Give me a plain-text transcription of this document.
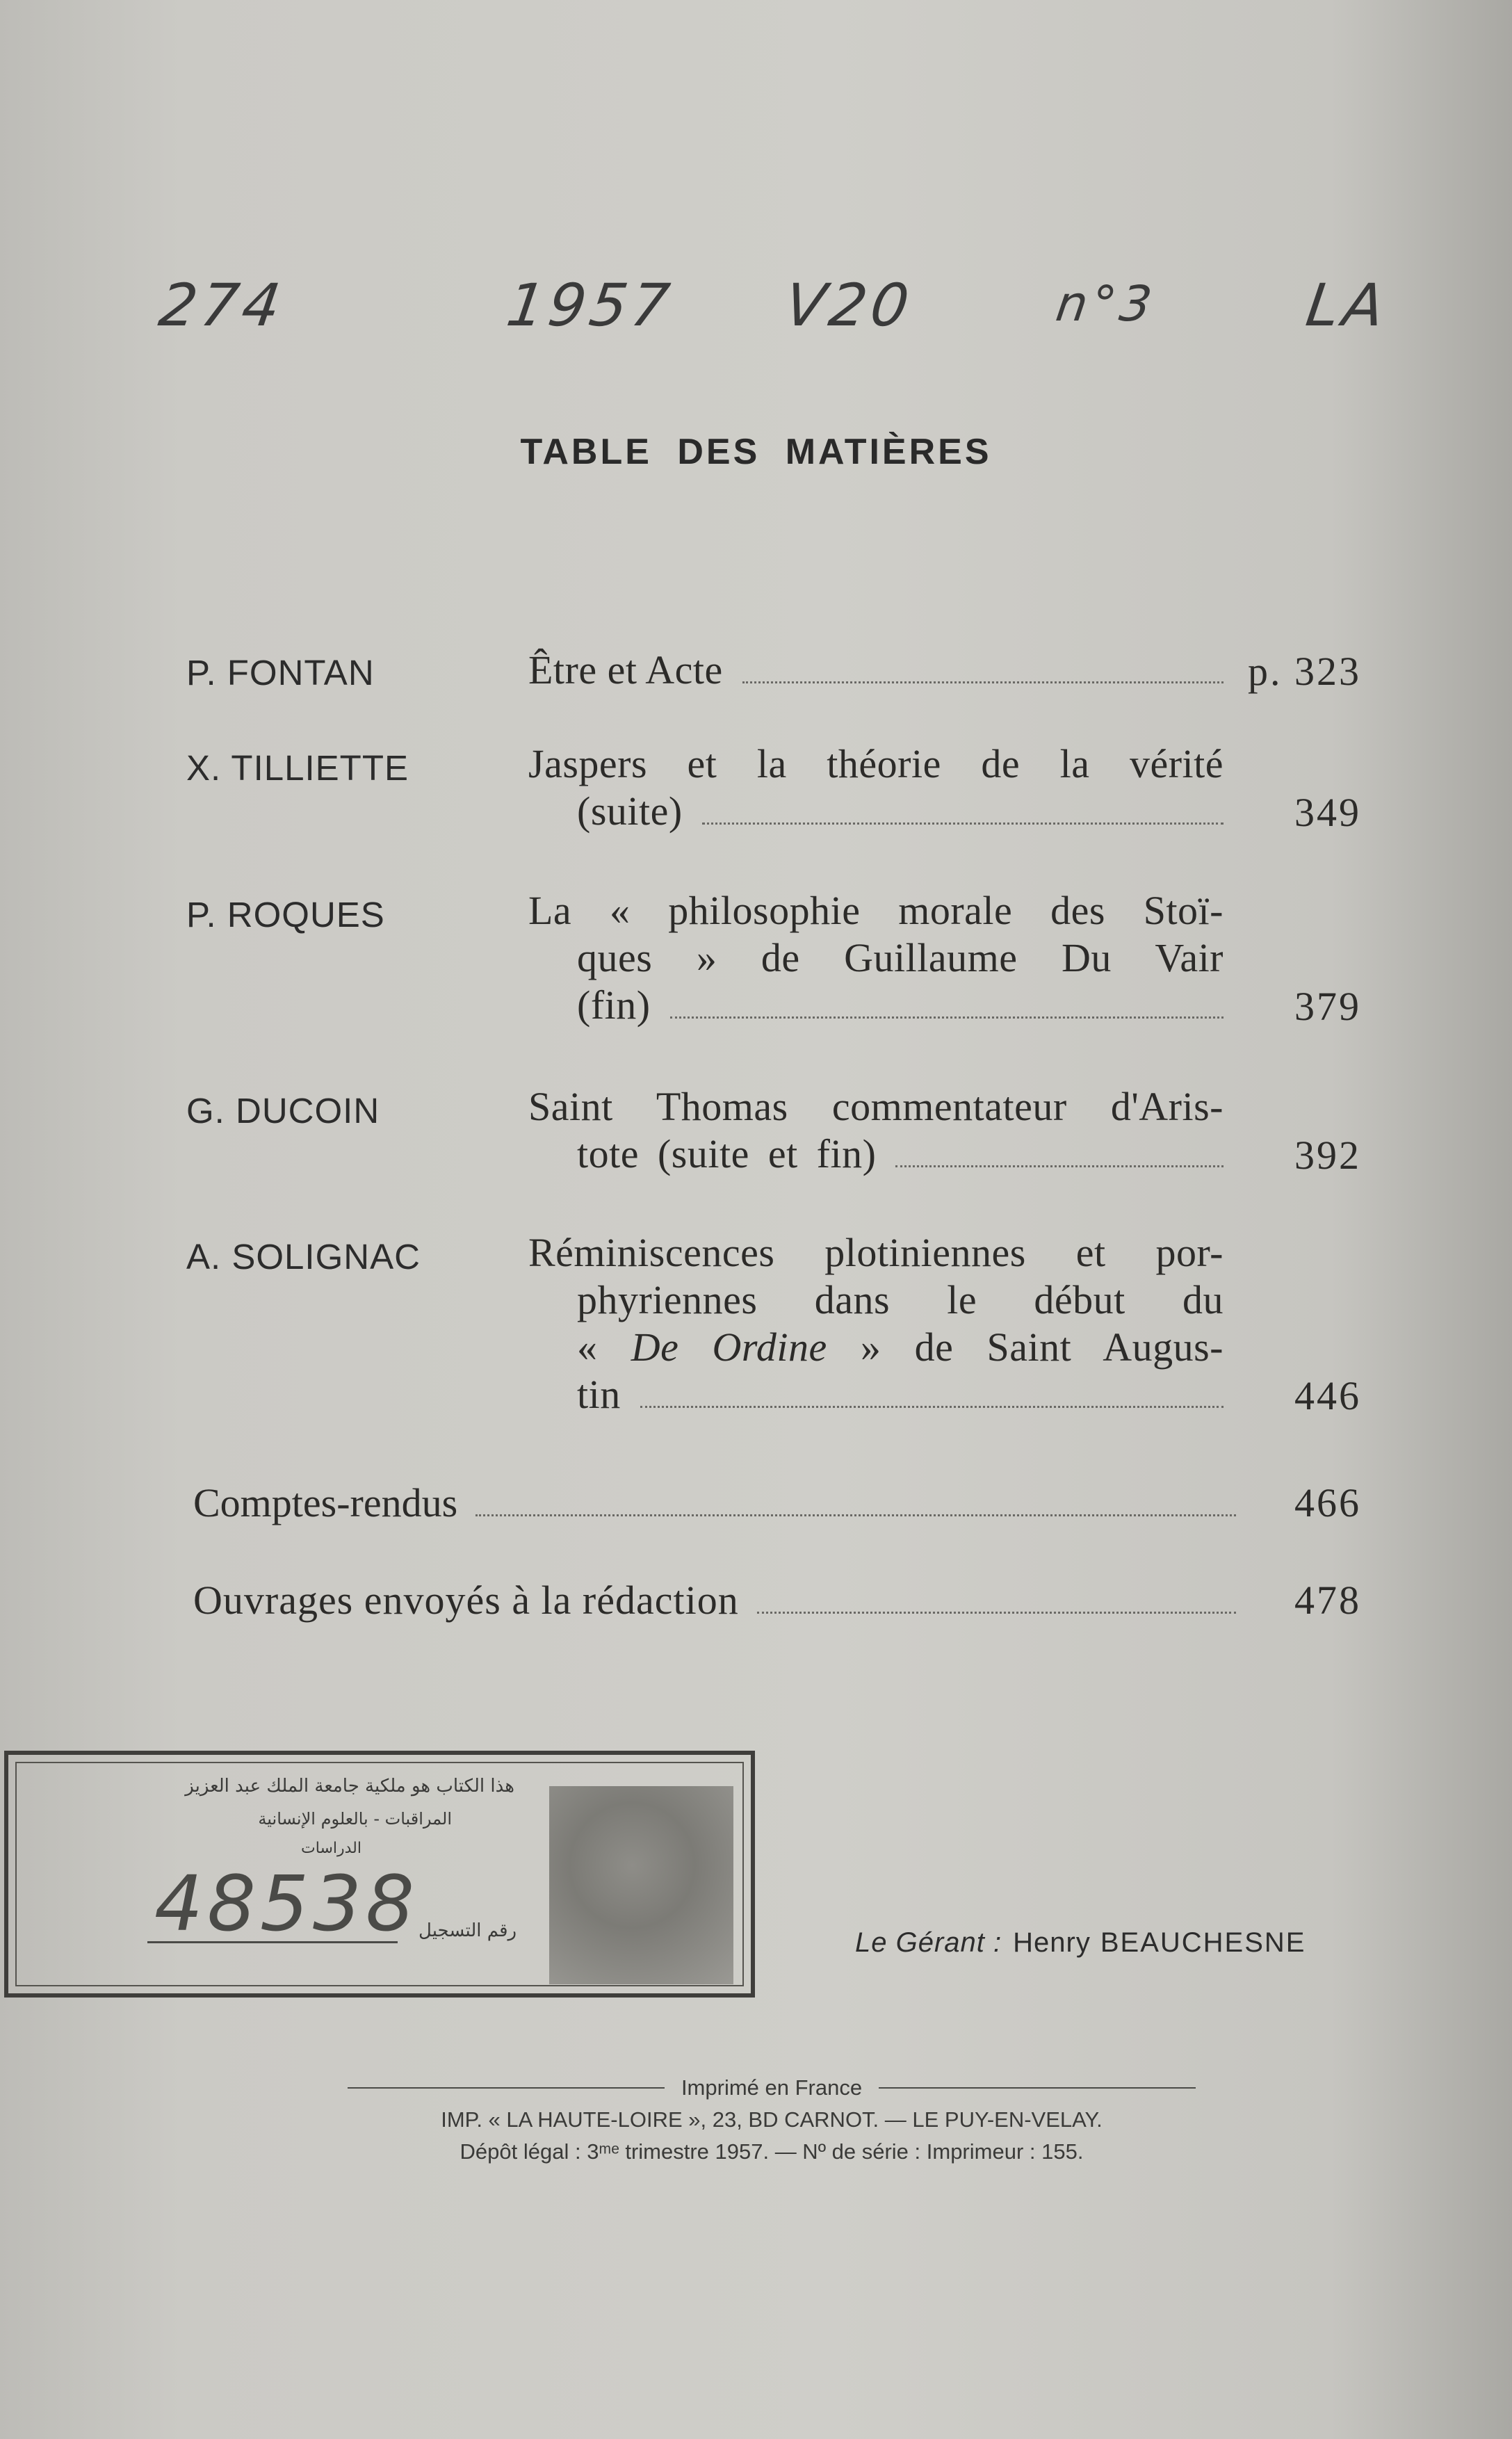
274	1957 V20	n°3 LA
TABLE DES MATIÈRES
P. FONTAN	Être et Acte	p. 323
X. TILLIETTE	Jaspers et la théorie de la vérité
(suite)	349
P. ROQUES	La « philosophie morale des Stoï-
ques » de Guillaume Du Vair
(fin)	379
G. DUCOIN	Saint Thomas commentateur d'Aris-
tote (suite et fin)	392
A. SOLIGNAC	Réminiscences plotiniennes et por-
phyriennes dans le début du
« De Ordine » de Saint Augus-
tin	446
Comptes-rendus	466
Ouvrages envoyés à la rédaction	478
هذا الكتاب هو ملكية جامعة الملك عبد العزيز
المراقبات - بالعلوم الإنسانية
الدراسات
48538 رقم التسجيل	Le Gérant : Henry BEAUCHESNE
Imprimé en France
IMP. « LA HAUTE-LOIRE », 23, BD CARNOT. — LE PUY-EN-VELAY.
Dépôt légal : 3ᵐᵉ trimestre 1957. — Nº de série : Imprimeur : 155.
